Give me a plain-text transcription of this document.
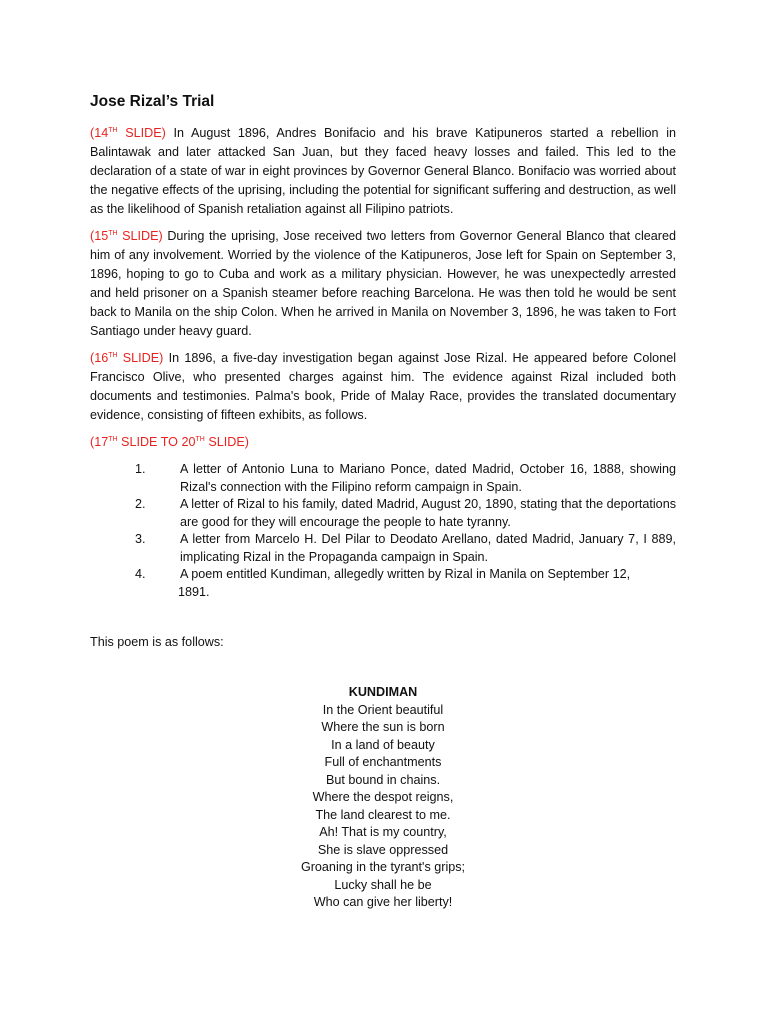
Jose Rizal’s Trial

(14TH SLIDE) In August 1896, Andres Bonifacio and his brave Katipuneros started a rebellion in Balintawak and later attacked San Juan, but they faced heavy losses and failed. This led to the declaration of a state of war in eight provinces by Governor General Blanco. Bonifacio was worried about the negative effects of the uprising, including the potential for significant suffering and destruction, as well as the likelihood of Spanish retaliation against all Filipino patriots.

(15TH SLIDE) During the uprising, Jose received two letters from Governor General Blanco that cleared him of any involvement. Worried by the violence of the Katipuneros, Jose left for Spain on September 3, 1896, hoping to go to Cuba and work as a military physician. However, he was unexpectedly arrested and held prisoner on a Spanish steamer before reaching Barcelona. He was then told he would be sent back to Manila on the ship Colon. When he arrived in Manila on November 3, 1896, he was taken to Fort Santiago under heavy guard.

(16TH SLIDE) In 1896, a five-day investigation began against Jose Rizal. He appeared before Colonel Francisco Olive, who presented charges against him. The evidence against Rizal included both documents and testimonies. Palma's book, Pride of Malay Race, provides the translated documentary evidence, consisting of fifteen exhibits, as follows.

(17TH SLIDE TO 20TH SLIDE)

1.	A letter of Antonio Luna to Mariano Ponce, dated Madrid, October 16, 1888, showing Rizal's connection with the Filipino reform campaign in Spain.
2.	A letter of Rizal to his family, dated Madrid, August 20, 1890, stating that the deportations are good for they will encourage the people to hate tyranny.
3.	A letter from Marcelo H. Del Pilar to Deodato Arellano, dated Madrid, January 7, I 889, implicating Rizal in the Propaganda campaign in Spain.
4.	A poem entitled Kundiman, allegedly written by Rizal in Manila on September 12,
1891.

This poem is as follows:

KUNDIMAN
In the Orient beautiful
Where the sun is born
In a land of beauty
Full of enchantments
But bound in chains.
Where the despot reigns,
The land clearest to me.
Ah! That is my country,
She is slave oppressed
Groaning in the tyrant's grips;
Lucky shall he be
Who can give her liberty!
